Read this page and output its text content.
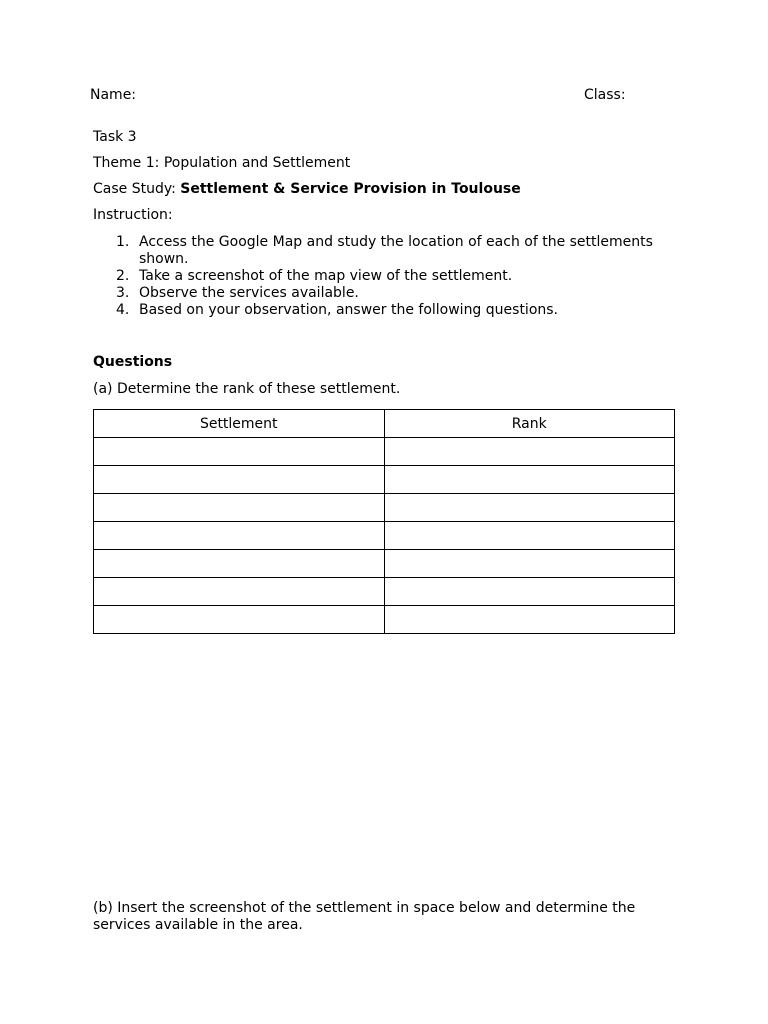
Name:	Class:
Task 3
Theme 1: Population and Settlement
Case Study: Settlement & Service Provision in Toulouse
Instruction:
1. Access the Google Map and study the location of each of the settlements shown.
2. Take a screenshot of the map view of the settlement.
3. Observe the services available.
4. Based on your observation, answer the following questions.
Questions
(a) Determine the rank of these settlement.
Settlement	Rank

(b) Insert the screenshot of the settlement in space below and determine the services available in the area.
